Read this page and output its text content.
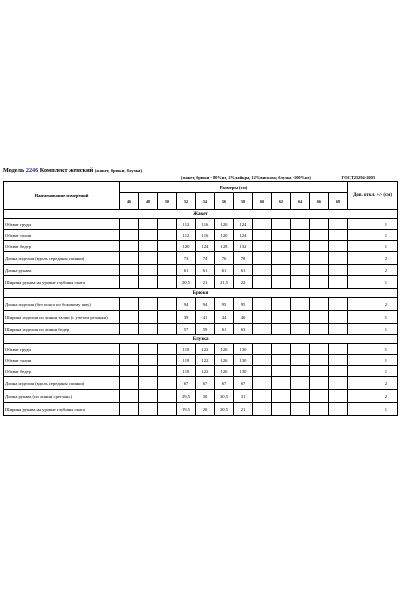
Модель 2246 Комплект женский (жакет, брюки, блузка)
(жакет, брюки - 80%пэ, 2%лайкра, 12%вискоза; блузка -100%пэ)	ГОСТ25294-2003
Наименование измерений	Размеры (см)												Доп. откл. +/- (см)
	46	48	50	52	54	56	58	60	62	64	66	68	
Жакет													
Обхват груди				112	116	120	124						1
Обхват талии				112	116	120	124						1
Обхват бедер				120	124	128	132						1
Длина изделия (вдоль середины спинки)				73	74	76	78						2
Длина рукава				61	61	61	61						2
Ширина рукава на уровне глубины оката				20,5	21	21,5	22						1
Брюки													
Длина изделия (без пояса по боковому шву)				94	94	95	95						2
Ширина изделия по линии талии (с учетом резинки)				39	41	44	46						1
Ширина изделия по линии бедер				57	59	61	63						1
Блузка													
Обхват груди				118	122	126	130						1
Обхват талии				118	122	126	130						1
Обхват бедер				118	122	126	130						1
Длина изделия (вдоль середины спинки)				67	67	67	67						2
Длина рукава (по линии «реглан»)				29,5	30	30,5	31						2
Ширина рукава на уровне глубины оката				19,5	20	20,5	21						1
